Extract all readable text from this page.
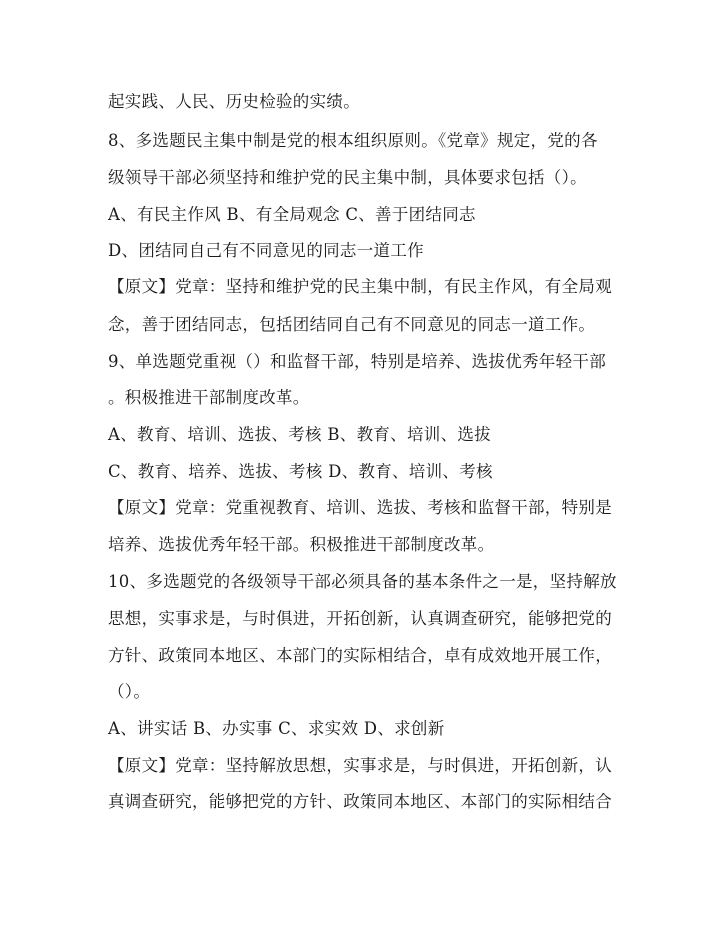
起实践、人民、历史检验的实绩。
8、多选题民主集中制是党的根本组织原则。《党章》规定，党的各
级领导干部必须坚持和维护党的民主集中制，具体要求包括（）。
A、有民主作风 B、有全局观念 C、善于团结同志
D、团结同自己有不同意见的同志一道工作
【原文】党章：坚持和维护党的民主集中制，有民主作风，有全局观
念，善于团结同志，包括团结同自己有不同意见的同志一道工作。
9、单选题党重视（）和监督干部，特别是培养、选拔优秀年轻干部
。积极推进干部制度改革。
A、教育、培训、选拔、考核 B、教育、培训、选拔
C、教育、培养、选拔、考核 D、教育、培训、考核
【原文】党章：党重视教育、培训、选拔、考核和监督干部，特别是
培养、选拔优秀年轻干部。积极推进干部制度改革。
10、多选题党的各级领导干部必须具备的基本条件之一是，坚持解放
思想，实事求是，与时俱进，开拓创新，认真调查研究，能够把党的
方针、政策同本地区、本部门的实际相结合，卓有成效地开展工作，
（）。
A、讲实话 B、办实事 C、求实效 D、求创新
【原文】党章：坚持解放思想，实事求是，与时俱进，开拓创新，认
真调查研究，能够把党的方针、政策同本地区、本部门的实际相结合
